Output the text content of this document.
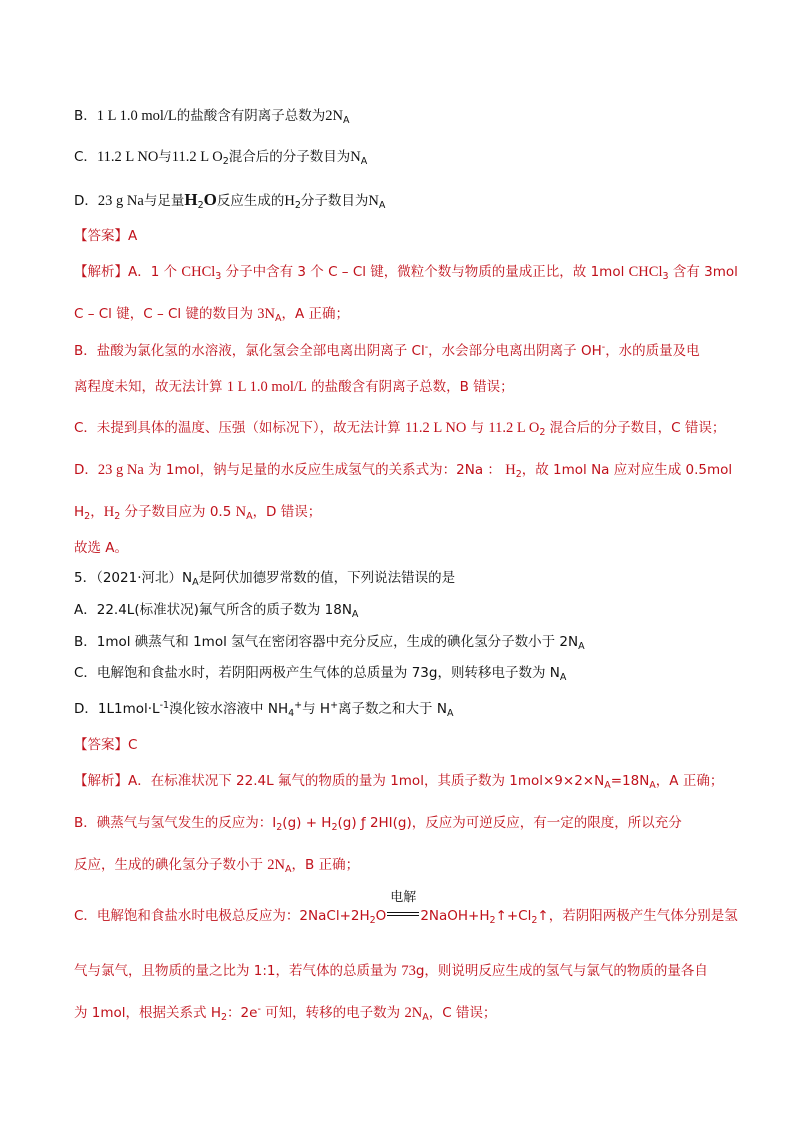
B．1 L 1.0 mol/L的盐酸含有阴离子总数为$2N_A$
C．11.2 L NO与11.2 L $O_2$混合后的分子数目为$N_A$
D．23 g Na与足量$H_2O$反应生成的$H_2$分子数目为$N_A$
【答案】A
【解析】A．1 个 CHCl$_3$ 分子中含有 3 个 C – Cl 键，微粒个数与物质的量成正比，故 1mol CHCl$_3$ 含有 3mol
C – Cl 键，C – Cl 键的数目为 $3N_A$，A 正确；
B．盐酸为氯化氢的水溶液，氯化氢会全部电离出阴离子 Cl-，水会部分电离出阴离子 OH-，水的质量及电
离程度未知，故无法计算 1 L 1.0 mol/L 的盐酸含有阴离子总数，B 错误；
C．未提到具体的温度、压强（如标况下），故无法计算 11.2 L NO 与 11.2 L $O_2$ 混合后的分子数目，C 错误；
D．23 g Na 为 1mol，钠与足量的水反应生成氢气的关系式为：2Na ： $H_2$，故 1mol Na 应对应生成 0.5mol
$H_2$，$H_2$ 分子数目应为 0.5 $N_A$，D 错误；
故选 A。
5．（2021·河北）$N_A$是阿伏加德罗常数的值，下列说法错误的是
A．22.4L(标准状况)氟气所含的质子数为 $18N_A$
B．1mol 碘蒸气和 1mol 氢气在密闭容器中充分反应，生成的碘化氢分子数小于 $2N_A$
C．电解饱和食盐水时，若阴阳两极产生气体的总质量为 73g，则转移电子数为 $N_A$
D．$1L1mol\cdot L^{-1}$溴化铵水溶液中 $NH_4^+$与 H+离子数之和大于 $N_A$
【答案】C
【解析】A．在标准状况下 22.4L 氟气的物质的量为 1mol，其质子数为 $1mol\times 9\times 2\times N_A=18N_A$，A 正确；
B．碘蒸气与氢气发生的反应为：$I_2(g) + H_2(g)$ ƒ 2HI(g)，反应为可逆反应，有一定的限度，所以充分
反应，生成的碘化氢分子数小于 $2N_A$，B 正确；
C．电解饱和食盐水时电极总反应为：$2NaCl+2H_2O$
电解
$2NaOH+H_2↑+Cl_2↑$，若阴阳两极产生气体分别是氢
气与氯气，且物质的量之比为 1:1，若气体的总质量为 73g，则说明反应生成的氢气与氯气的物质的量各自
为 1mol，根据关系式 $H_2$：2e- 可知，转移的电子数为 $2N_A$，C 错误；
